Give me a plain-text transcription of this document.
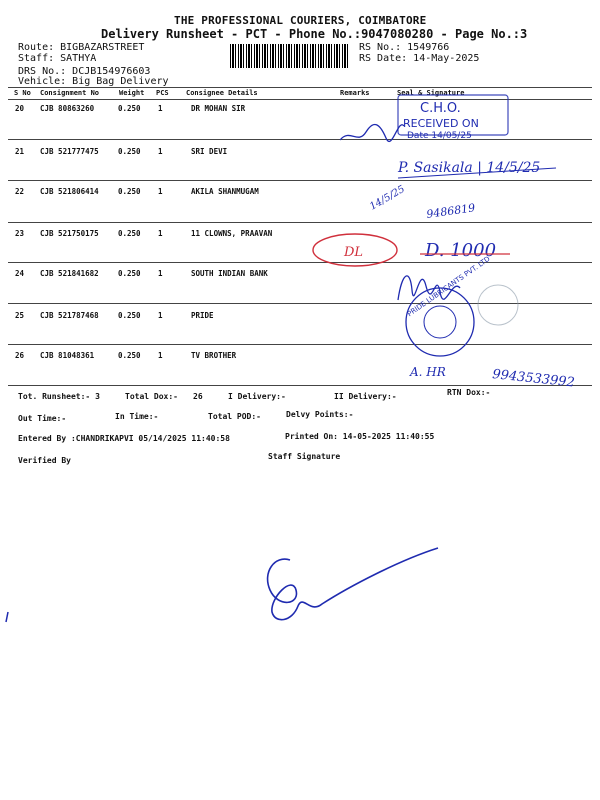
THE PROFESSIONAL COURIERS, COIMBATORE
Delivery Runsheet - PCT - Phone No.:9047080280 - Page No.:3
Route: BIGBAZARSTREET
Staff: SATHYA
DRS No.: DCJB154976603
Vehicle: Big Bag Delivery
RS No.: 1549766
RS Date: 14-May-2025
S No Consignment No	Weight PCS Consignee Details	Remarks	Seal & Signature
20 CJB 80863260	0.250 1	DR MOHAN SIR
21 CJB 521777475	0.250 1	SRI DEVI
22 CJB 521806414	0.250 1	AKILA SHANMUGAM
23 CJB 521750175	0.250 1	11 CLOWNS, PRAAVAN
24 CJB 521841682	0.250 1	SOUTH INDIAN BANK
25 CJB 521787468	0.250 1	PRIDE
26 CJB 81048361	0.250 1	TV BROTHER
Tot. Runsheet:- 3	Total Dox:- 26	I Delivery:-	II Delivery:-	RTN Dox:-
Out Time:-	In Time:-	Total POD:-	Delvy Points:-
Entered By :CHANDRIKAPVI 05/14/2025 11:40:58	Printed On: 14-05-2025 11:40:55
Verified By	Staff Signature
C.H.O.
RECEIVED ON
Date 14/05/25
P. Sasikala | 14/5/25
14/5/25 9486819
DL	D. 1000
PRIDE LUBRICANTS PVT. LTD
A. HR	9943533992
